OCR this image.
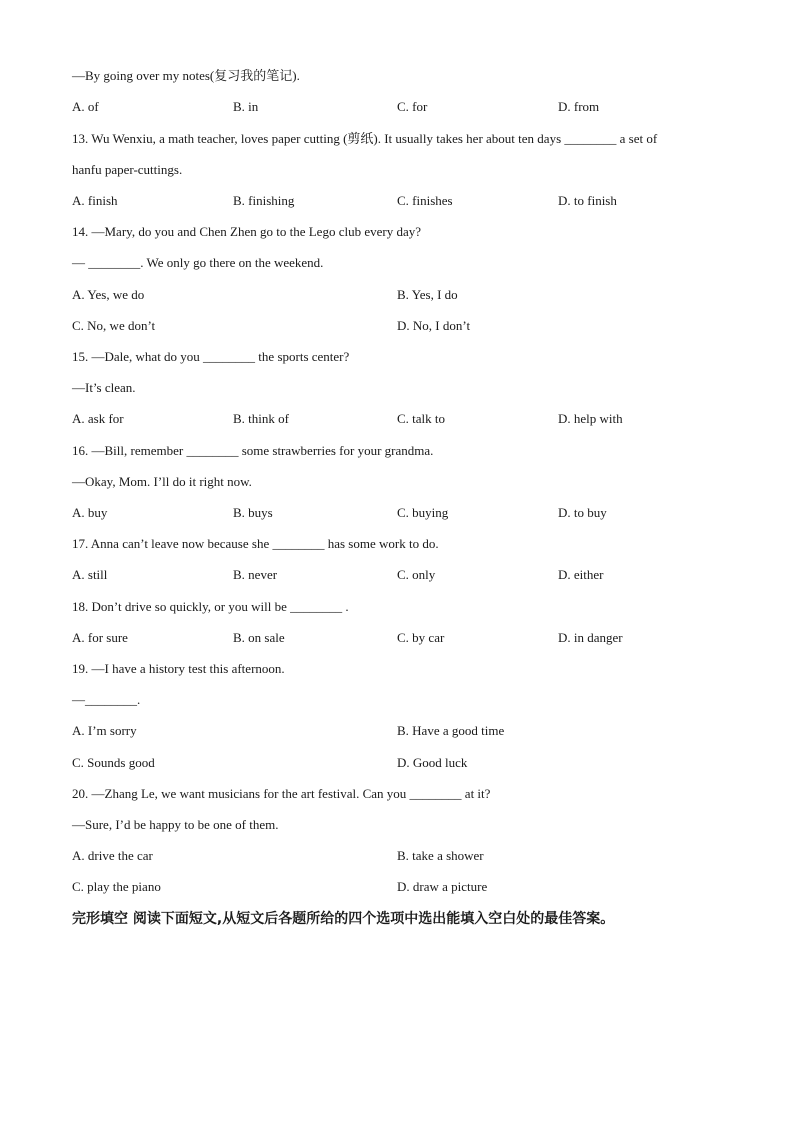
—By going over my notes(复习我的笔记).
A. of	B. in	C. for	D. from
13. Wu Wenxiu, a math teacher, loves paper cutting (剪纸). It usually takes her about ten days ________ a set of
hanfu paper-cuttings.
A. finish	B. finishing	C. finishes	D. to finish
14. —Mary, do you and Chen Zhen go to the Lego club every day?
— ________. We only go there on the weekend.
A. Yes, we do	B. Yes, I do
C. No, we don’t	D. No, I don’t
15. —Dale, what do you ________ the sports center?
—It’s clean.
A. ask for	B. think of	C. talk to	D. help with
16. —Bill, remember ________ some strawberries for your grandma.
—Okay, Mom. I’ll do it right now.
A. buy	B. buys	C. buying	D. to buy
17. Anna can’t leave now because she ________ has some work to do.
A. still	B. never	C. only	D. either
18. Don’t drive so quickly, or you will be ________ .
A. for sure	B. on sale	C. by car	D. in danger
19. —I have a history test this afternoon.
—________.
A. I’m sorry	B. Have a good time
C. Sounds good	D. Good luck
20. —Zhang Le, we want musicians for the art festival. Can you ________ at it?
—Sure, I’d be happy to be one of them.
A. drive the car	B. take a shower
C. play the piano	D. draw a picture
完形填空 阅读下面短文,从短文后各题所给的四个选项中选出能填入空白处的最佳答案。
